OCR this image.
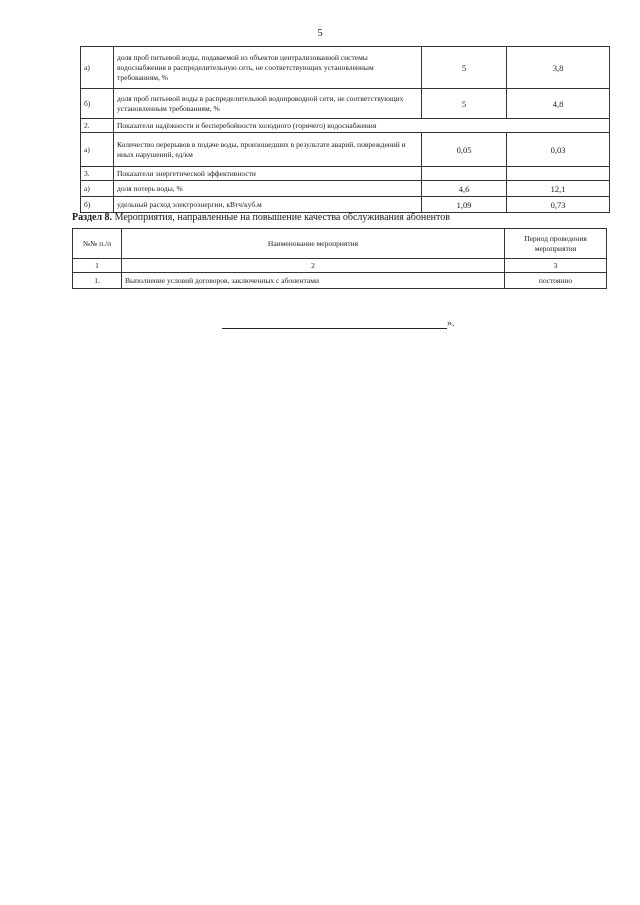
5
а)	доля проб питьевой воды, подаваемой из объектов централизованной системы водоснабжения в распределительную сеть, не соответствующих установленным требованиям, %	5	3,8
б)	доля проб питьевой воды в распределительной водопроводной сети, не соответствующих установленным требованиям, %	5	4,8
2.	Показатели надёжности и бесперебойности холодного (горячего) водоснабжения		
а)	Количество перерывов в подаче воды, произошедших в результате аварий, повреждений и иных нарушений, ед/км	0,05	0,03
3.	Показатели энергетической эффективности		
а)	доля потерь воды, %	4,6	12,1
б)	удельный расход электроэнергии, кВтч/куб.м	1,09	0,73
Раздел 8. Мероприятия, направленные на повышение качества обслуживания абонентов
№№ п./п	Наименование мероприятия	Период проведения мероприятия
1	2	3
1.	Выполнение условий договоров, заключенных с абонентами	постоянно
».
